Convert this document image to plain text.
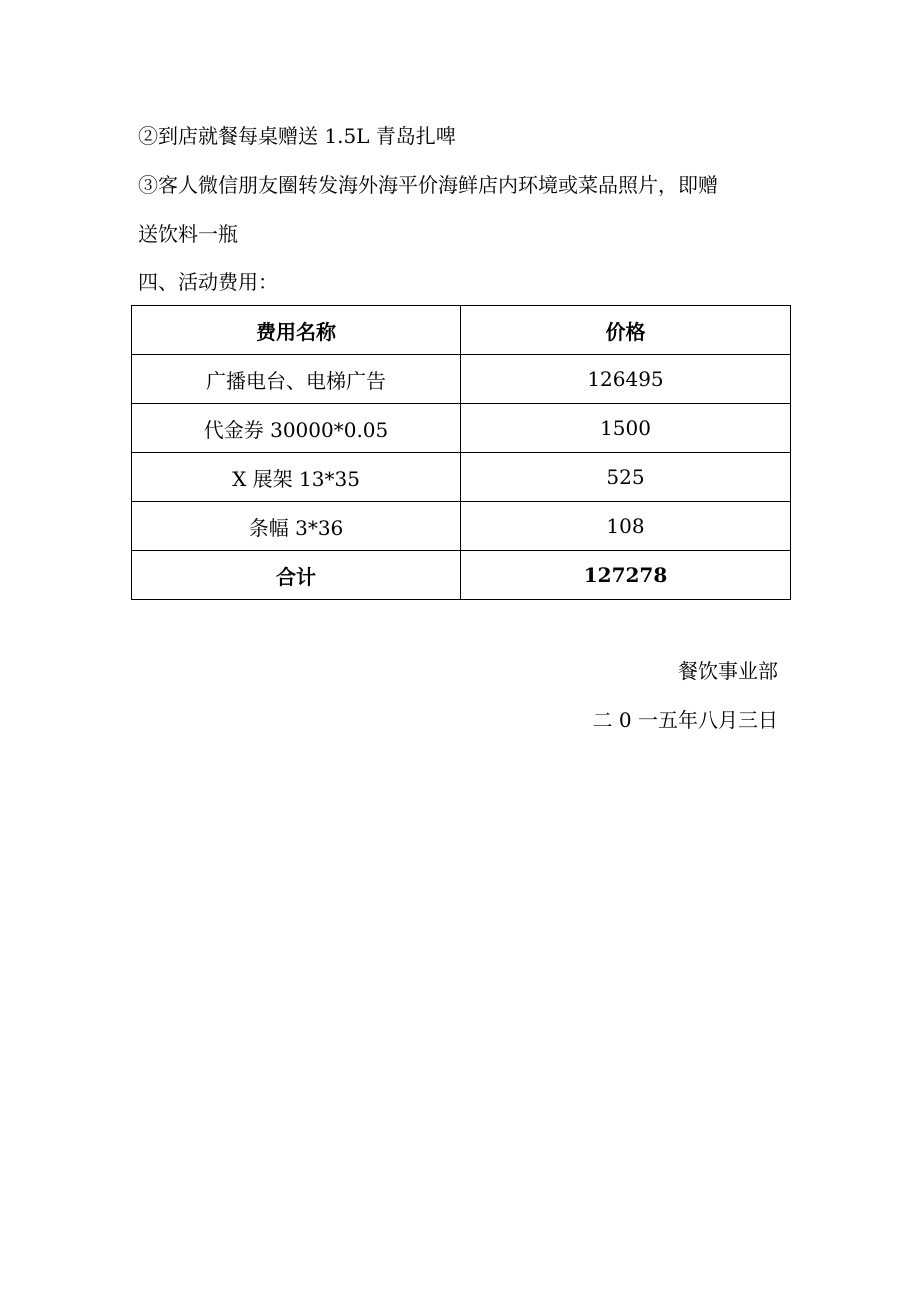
②到店就餐每桌赠送 1.5L 青岛扎啤
③客人微信朋友圈转发海外海平价海鲜店内环境或菜品照片，即赠
送饮料一瓶
四、活动费用：
费用名称	价格
广播电台、电梯广告	126495
代金券 30000*0.05	1500
X 展架 13*35	525
条幅 3*36	108
合计	127278
餐饮事业部
二 0 一五年八月三日
